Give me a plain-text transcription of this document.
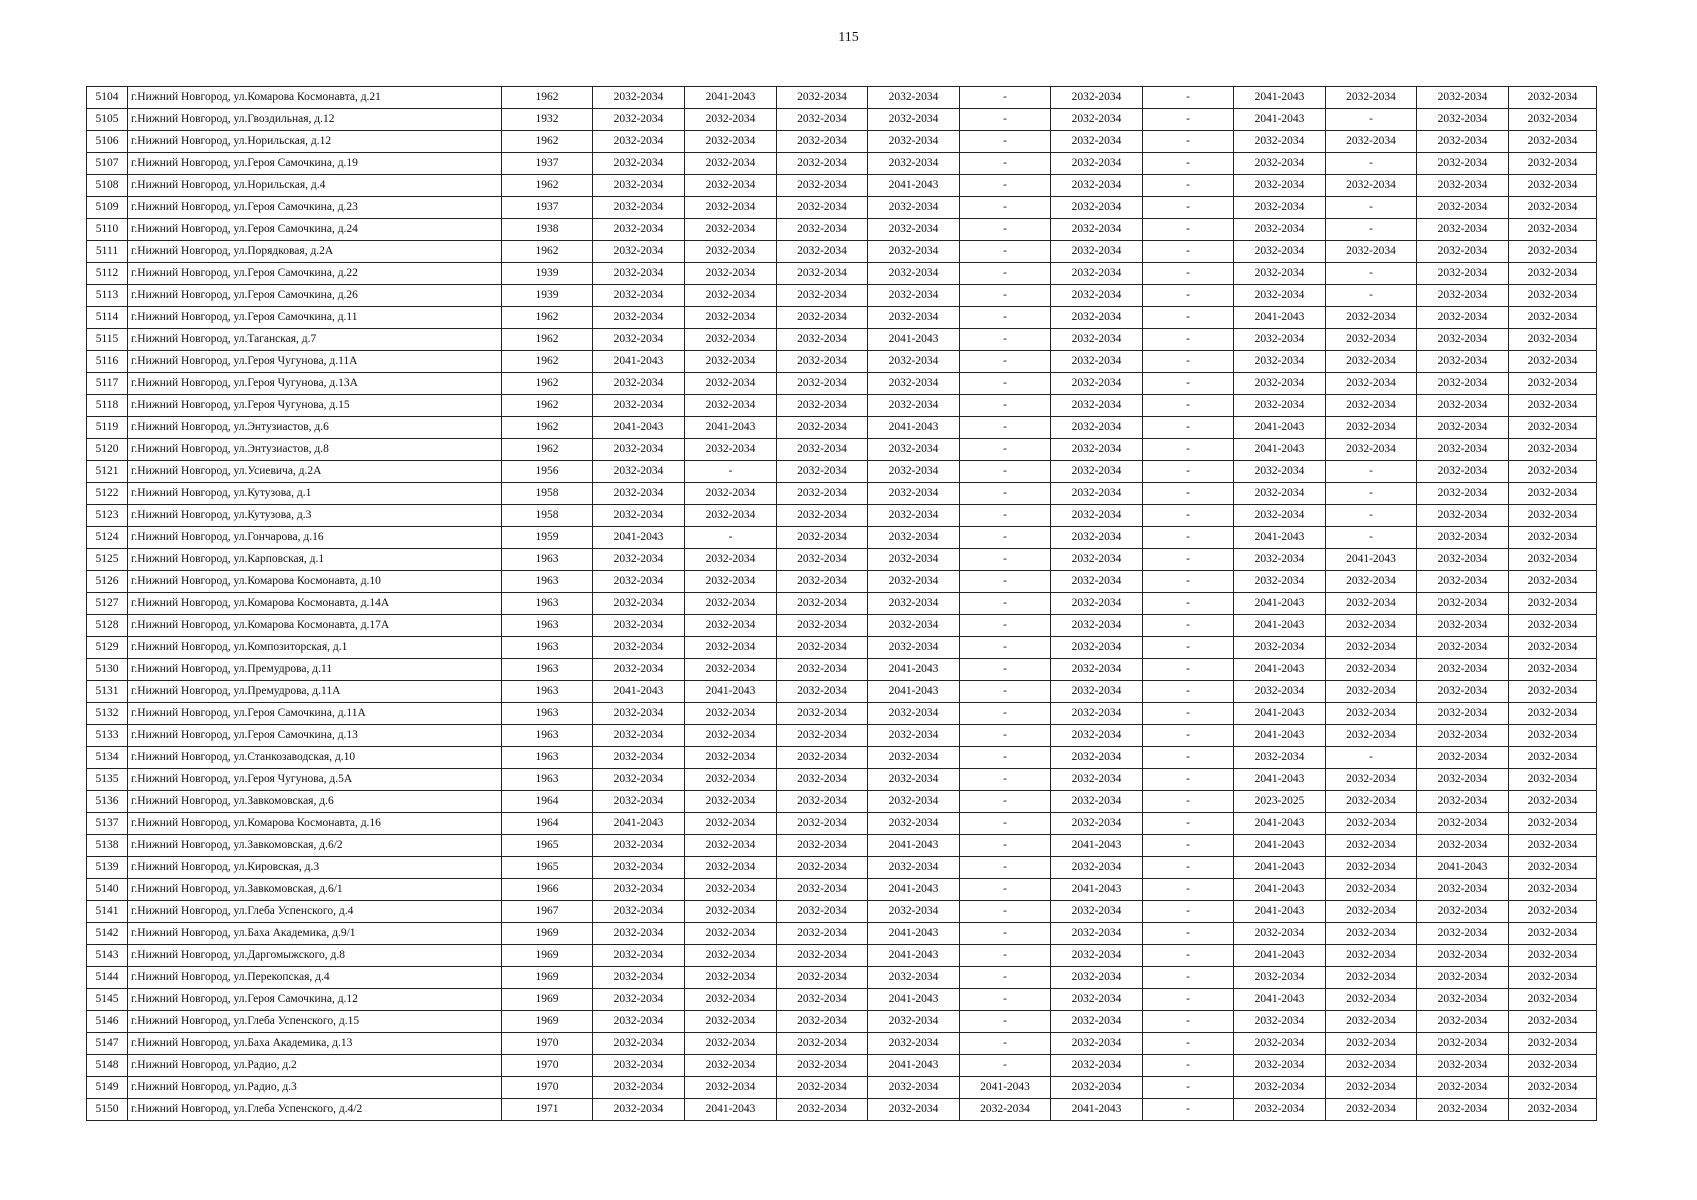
115
5104	г.Нижний Новгород, ул.Комарова Космонавта, д.21	1962	2032-2034	2041-2043	2032-2034	2032-2034	-	2032-2034	-	2041-2043	2032-2034	2032-2034	2032-2034
5105	г.Нижний Новгород, ул.Гвоздильная, д.12	1932	2032-2034	2032-2034	2032-2034	2032-2034	-	2032-2034	-	2041-2043	-	2032-2034	2032-2034
5106	г.Нижний Новгород, ул.Норильская, д.12	1962	2032-2034	2032-2034	2032-2034	2032-2034	-	2032-2034	-	2032-2034	2032-2034	2032-2034	2032-2034
5107	г.Нижний Новгород, ул.Героя Самочкина, д.19	1937	2032-2034	2032-2034	2032-2034	2032-2034	-	2032-2034	-	2032-2034	-	2032-2034	2032-2034
5108	г.Нижний Новгород, ул.Норильская, д.4	1962	2032-2034	2032-2034	2032-2034	2041-2043	-	2032-2034	-	2032-2034	2032-2034	2032-2034	2032-2034
5109	г.Нижний Новгород, ул.Героя Самочкина, д.23	1937	2032-2034	2032-2034	2032-2034	2032-2034	-	2032-2034	-	2032-2034	-	2032-2034	2032-2034
5110	г.Нижний Новгород, ул.Героя Самочкина, д.24	1938	2032-2034	2032-2034	2032-2034	2032-2034	-	2032-2034	-	2032-2034	-	2032-2034	2032-2034
5111	г.Нижний Новгород, ул.Порядковая, д.2А	1962	2032-2034	2032-2034	2032-2034	2032-2034	-	2032-2034	-	2032-2034	2032-2034	2032-2034	2032-2034
5112	г.Нижний Новгород, ул.Героя Самочкина, д.22	1939	2032-2034	2032-2034	2032-2034	2032-2034	-	2032-2034	-	2032-2034	-	2032-2034	2032-2034
5113	г.Нижний Новгород, ул.Героя Самочкина, д.26	1939	2032-2034	2032-2034	2032-2034	2032-2034	-	2032-2034	-	2032-2034	-	2032-2034	2032-2034
5114	г.Нижний Новгород, ул.Героя Самочкина, д.11	1962	2032-2034	2032-2034	2032-2034	2032-2034	-	2032-2034	-	2041-2043	2032-2034	2032-2034	2032-2034
5115	г.Нижний Новгород, ул.Таганская, д.7	1962	2032-2034	2032-2034	2032-2034	2041-2043	-	2032-2034	-	2032-2034	2032-2034	2032-2034	2032-2034
5116	г.Нижний Новгород, ул.Героя Чугунова, д.11А	1962	2041-2043	2032-2034	2032-2034	2032-2034	-	2032-2034	-	2032-2034	2032-2034	2032-2034	2032-2034
5117	г.Нижний Новгород, ул.Героя Чугунова, д.13А	1962	2032-2034	2032-2034	2032-2034	2032-2034	-	2032-2034	-	2032-2034	2032-2034	2032-2034	2032-2034
5118	г.Нижний Новгород, ул.Героя Чугунова, д.15	1962	2032-2034	2032-2034	2032-2034	2032-2034	-	2032-2034	-	2032-2034	2032-2034	2032-2034	2032-2034
5119	г.Нижний Новгород, ул.Энтузиастов, д.6	1962	2041-2043	2041-2043	2032-2034	2041-2043	-	2032-2034	-	2041-2043	2032-2034	2032-2034	2032-2034
5120	г.Нижний Новгород, ул.Энтузиастов, д.8	1962	2032-2034	2032-2034	2032-2034	2032-2034	-	2032-2034	-	2041-2043	2032-2034	2032-2034	2032-2034
5121	г.Нижний Новгород, ул.Усиевича, д.2А	1956	2032-2034	-	2032-2034	2032-2034	-	2032-2034	-	2032-2034	-	2032-2034	2032-2034
5122	г.Нижний Новгород, ул.Кутузова, д.1	1958	2032-2034	2032-2034	2032-2034	2032-2034	-	2032-2034	-	2032-2034	-	2032-2034	2032-2034
5123	г.Нижний Новгород, ул.Кутузова, д.3	1958	2032-2034	2032-2034	2032-2034	2032-2034	-	2032-2034	-	2032-2034	-	2032-2034	2032-2034
5124	г.Нижний Новгород, ул.Гончарова, д.16	1959	2041-2043	-	2032-2034	2032-2034	-	2032-2034	-	2041-2043	-	2032-2034	2032-2034
5125	г.Нижний Новгород, ул.Карповская, д.1	1963	2032-2034	2032-2034	2032-2034	2032-2034	-	2032-2034	-	2032-2034	2041-2043	2032-2034	2032-2034
5126	г.Нижний Новгород, ул.Комарова Космонавта, д.10	1963	2032-2034	2032-2034	2032-2034	2032-2034	-	2032-2034	-	2032-2034	2032-2034	2032-2034	2032-2034
5127	г.Нижний Новгород, ул.Комарова Космонавта, д.14А	1963	2032-2034	2032-2034	2032-2034	2032-2034	-	2032-2034	-	2041-2043	2032-2034	2032-2034	2032-2034
5128	г.Нижний Новгород, ул.Комарова Космонавта, д.17А	1963	2032-2034	2032-2034	2032-2034	2032-2034	-	2032-2034	-	2041-2043	2032-2034	2032-2034	2032-2034
5129	г.Нижний Новгород, ул.Композиторская, д.1	1963	2032-2034	2032-2034	2032-2034	2032-2034	-	2032-2034	-	2032-2034	2032-2034	2032-2034	2032-2034
5130	г.Нижний Новгород, ул.Премудрова, д.11	1963	2032-2034	2032-2034	2032-2034	2041-2043	-	2032-2034	-	2041-2043	2032-2034	2032-2034	2032-2034
5131	г.Нижний Новгород, ул.Премудрова, д.11А	1963	2041-2043	2041-2043	2032-2034	2041-2043	-	2032-2034	-	2032-2034	2032-2034	2032-2034	2032-2034
5132	г.Нижний Новгород, ул.Героя Самочкина, д.11А	1963	2032-2034	2032-2034	2032-2034	2032-2034	-	2032-2034	-	2041-2043	2032-2034	2032-2034	2032-2034
5133	г.Нижний Новгород, ул.Героя Самочкина, д.13	1963	2032-2034	2032-2034	2032-2034	2032-2034	-	2032-2034	-	2041-2043	2032-2034	2032-2034	2032-2034
5134	г.Нижний Новгород, ул.Станкозаводская, д.10	1963	2032-2034	2032-2034	2032-2034	2032-2034	-	2032-2034	-	2032-2034	-	2032-2034	2032-2034
5135	г.Нижний Новгород, ул.Героя Чугунова, д.5А	1963	2032-2034	2032-2034	2032-2034	2032-2034	-	2032-2034	-	2041-2043	2032-2034	2032-2034	2032-2034
5136	г.Нижний Новгород, ул.Завкомовская, д.6	1964	2032-2034	2032-2034	2032-2034	2032-2034	-	2032-2034	-	2023-2025	2032-2034	2032-2034	2032-2034
5137	г.Нижний Новгород, ул.Комарова Космонавта, д.16	1964	2041-2043	2032-2034	2032-2034	2032-2034	-	2032-2034	-	2041-2043	2032-2034	2032-2034	2032-2034
5138	г.Нижний Новгород, ул.Завкомовская, д.6/2	1965	2032-2034	2032-2034	2032-2034	2041-2043	-	2041-2043	-	2041-2043	2032-2034	2032-2034	2032-2034
5139	г.Нижний Новгород, ул.Кировская, д.3	1965	2032-2034	2032-2034	2032-2034	2032-2034	-	2032-2034	-	2041-2043	2032-2034	2041-2043	2032-2034
5140	г.Нижний Новгород, ул.Завкомовская, д.6/1	1966	2032-2034	2032-2034	2032-2034	2041-2043	-	2041-2043	-	2041-2043	2032-2034	2032-2034	2032-2034
5141	г.Нижний Новгород, ул.Глеба Успенского, д.4	1967	2032-2034	2032-2034	2032-2034	2032-2034	-	2032-2034	-	2041-2043	2032-2034	2032-2034	2032-2034
5142	г.Нижний Новгород, ул.Баха Академика, д.9/1	1969	2032-2034	2032-2034	2032-2034	2041-2043	-	2032-2034	-	2032-2034	2032-2034	2032-2034	2032-2034
5143	г.Нижний Новгород, ул.Даргомыжского, д.8	1969	2032-2034	2032-2034	2032-2034	2041-2043	-	2032-2034	-	2041-2043	2032-2034	2032-2034	2032-2034
5144	г.Нижний Новгород, ул.Перекопская, д.4	1969	2032-2034	2032-2034	2032-2034	2032-2034	-	2032-2034	-	2032-2034	2032-2034	2032-2034	2032-2034
5145	г.Нижний Новгород, ул.Героя Самочкина, д.12	1969	2032-2034	2032-2034	2032-2034	2041-2043	-	2032-2034	-	2041-2043	2032-2034	2032-2034	2032-2034
5146	г.Нижний Новгород, ул.Глеба Успенского, д.15	1969	2032-2034	2032-2034	2032-2034	2032-2034	-	2032-2034	-	2032-2034	2032-2034	2032-2034	2032-2034
5147	г.Нижний Новгород, ул.Баха Академика, д.13	1970	2032-2034	2032-2034	2032-2034	2032-2034	-	2032-2034	-	2032-2034	2032-2034	2032-2034	2032-2034
5148	г.Нижний Новгород, ул.Радио, д.2	1970	2032-2034	2032-2034	2032-2034	2041-2043	-	2032-2034	-	2032-2034	2032-2034	2032-2034	2032-2034
5149	г.Нижний Новгород, ул.Радио, д.3	1970	2032-2034	2032-2034	2032-2034	2032-2034	2041-2043	2032-2034	-	2032-2034	2032-2034	2032-2034	2032-2034
5150	г.Нижний Новгород, ул.Глеба Успенского, д.4/2	1971	2032-2034	2041-2043	2032-2034	2032-2034	2032-2034	2041-2043	-	2032-2034	2032-2034	2032-2034	2032-2034
